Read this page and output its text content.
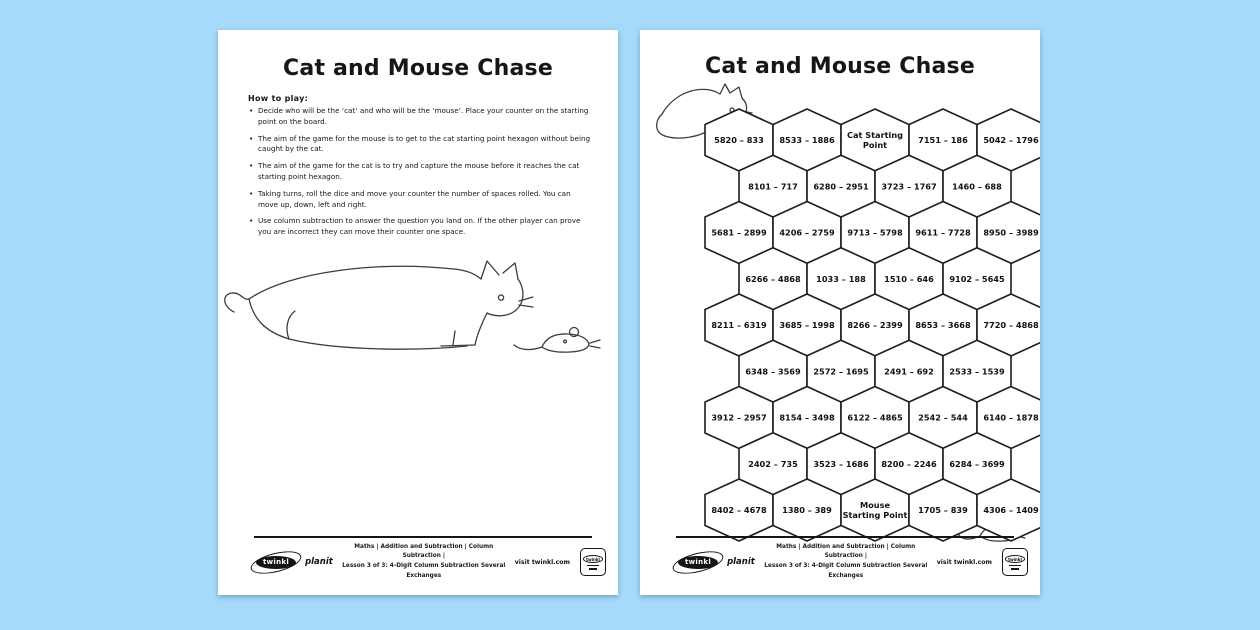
Cat and Mouse Chase
How to play:
• Decide who will be the ‘cat’ and who will be the ‘mouse’. Place your counter on the starting point on the board.
• The aim of the game for the mouse is to get to the cat starting point hexagon without being caught by the cat.
• The aim of the game for the cat is to try and capture the mouse before it reaches the cat starting point hexagon.
• Taking turns, roll the dice and move your counter the number of spaces rolled. You can move up, down, left and right.
• Use column subtraction to answer the question you land on. If the other player can prove you are incorrect they can move their counter one space.
twinkl	planit
Maths | Addition and Subtraction | Column Subtraction |
Lesson 3 of 3: 4-Digit Column Subtraction Several Exchanges
visit twinkl.com	twinkl
Cat and Mouse Chase
5820 – 833 8533 – 1886 Cat Starting Point	7151 – 186 5042 – 1796
8101 – 717 6280 – 2951 3723 – 1767 1460 – 688
5681 – 2899 4206 – 2759 9713 – 5798 9611 – 7728 8950 – 3989
6266 – 4868 1033 – 188 1510 – 646 9102 – 5645
8211 – 6319 3685 – 1998 8266 – 2399 8653 – 3668 7720 – 4868
6348 – 3569 2572 – 1695 2491 – 692 2533 – 1539
3912 – 2957 8154 – 3498 6122 – 4865 2542 – 544 6140 – 1878
2402 – 735 3523 – 1686 8200 – 2246 6284 – 3699
8402 – 4678 1380 – 389	Mouse Starting Point 1705 – 839 4306 – 1409
twinkl	planit
Maths | Addition and Subtraction | Column Subtraction |
Lesson 3 of 3: 4-Digit Column Subtraction Several Exchanges
visit twinkl.com	twinkl
